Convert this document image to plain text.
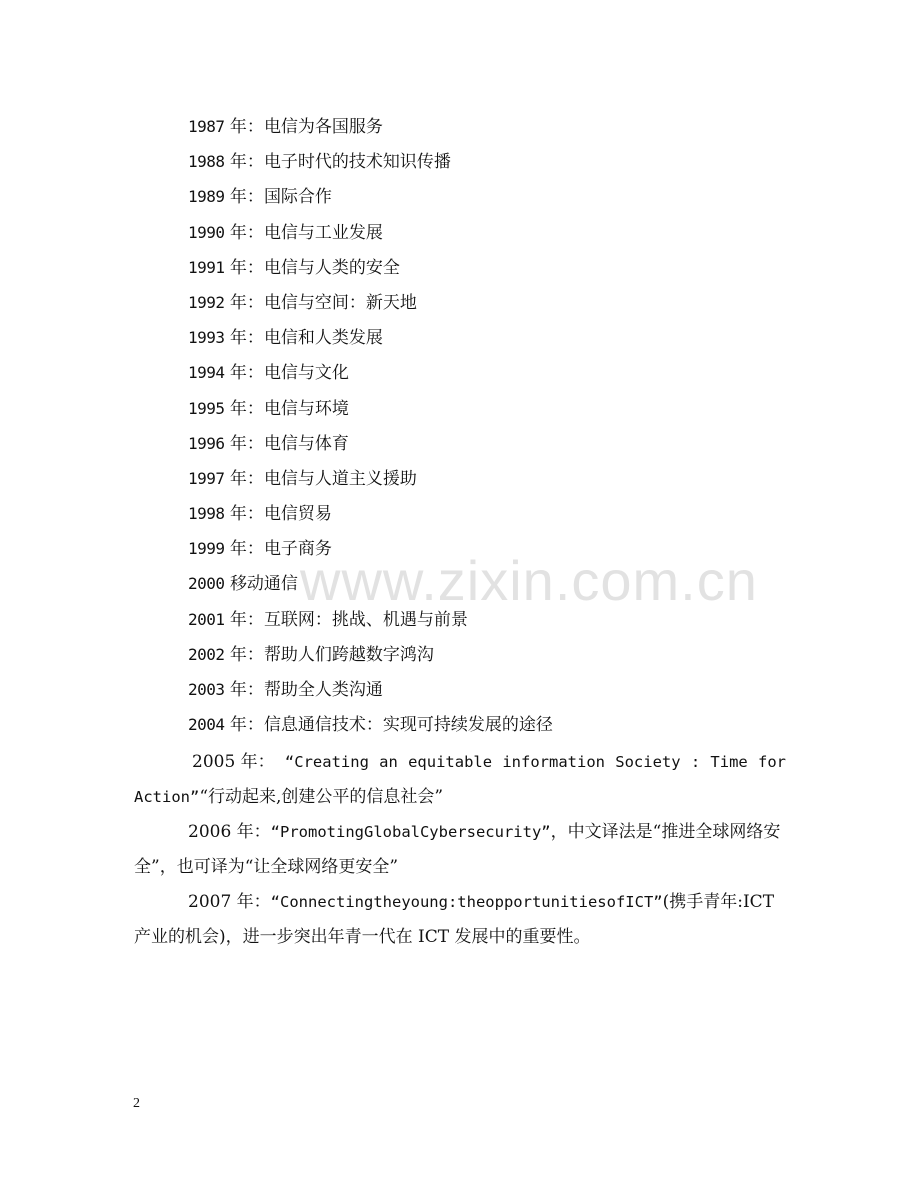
1987 年：电信为各国服务
1988 年：电子时代的技术知识传播
1989 年：国际合作
1990 年：电信与工业发展
1991 年：电信与人类的安全
1992 年：电信与空间：新天地
1993 年：电信和人类发展
1994 年：电信与文化
1995 年：电信与环境
1996 年：电信与体育
1997 年：电信与人道主义援助
1998 年：电信贸易
1999 年：电子商务
2000 移动通信
2001 年：互联网：挑战、机遇与前景
2002 年：帮助人们跨越数字鸿沟
2003 年：帮助全人类沟通
2004 年：信息通信技术：实现可持续发展的途径
2005 年： “Creating an equitable information Society : Time for
Action”“行动起来,创建公平的信息社会”

2006 年：“PromotingGlobalCybersecurity”，中文译法是“推进全球网络安全”，也可译为“让全球网络更安全”

2007 年：“Connectingtheyoung:theopportunitiesofICT”(携手青年:ICT 产业的机会)，进一步突出年青一代在 ICT 发展中的重要性。

www.zixin.com.cn
2
